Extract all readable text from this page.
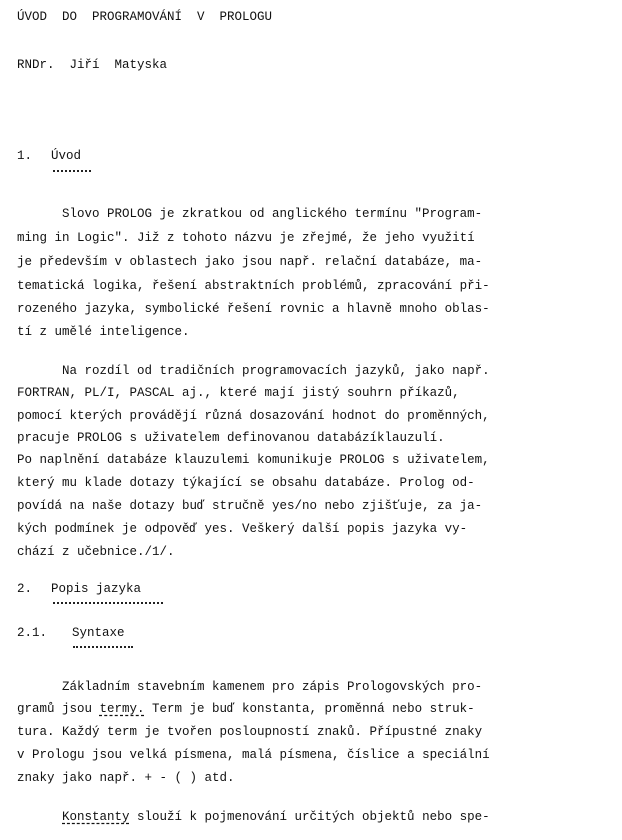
ÚVOD  DO  PROGRAMOVÁNÍ  V  PROLOGU
RNDr.  Jiří  Matyska
1. Úvod
Slovo PROLOG je zkratkou od anglického termínu "Program-
ming in Logic". Již z tohoto názvu je zřejmé, že jeho využití
je především v oblastech jako jsou např. relační databáze, ma-
tematická logika, řešení abstraktních problémů, zpracování při-
rozeného jazyka, symbolické řešení rovnic a hlavně mnoho oblas-
tí z umělé inteligence.
Na rozdíl od tradičních programovacích jazyků, jako např.
FORTRAN, PL/I, PASCAL aj., které mají jistý souhrn příkazů,
pomocí kterých provádějí různá dosazování hodnot do proměnných,
pracuje PROLOG s uživatelem definovanou databázíklauzulí.
Po naplnění databáze klauzulemi komunikuje PROLOG s uživatelem,
který mu klade dotazy týkající se obsahu databáze. Prolog od-
povídá na naše dotazy buď stručně yes/no nebo zjišťuje, za ja-
kých podmínek je odpověď yes. Veškerý další popis jazyka vy-
chází z učebnice./1/.
2. Popis jazyka
2.1. Syntaxe
Základním stavebním kamenem pro zápis Prologovských pro-
gramů jsou termy. Term je buď konstanta, proměnná nebo struk-
tura. Každý term je tvořen posloupností znaků. Přípustné znaky
v Prologu jsou velká písmena, malá písmena, číslice a speciální
znaky jako např. + - ( ) atd.
Konstanty slouží k pojmenování určitých objektů nebo spe-
